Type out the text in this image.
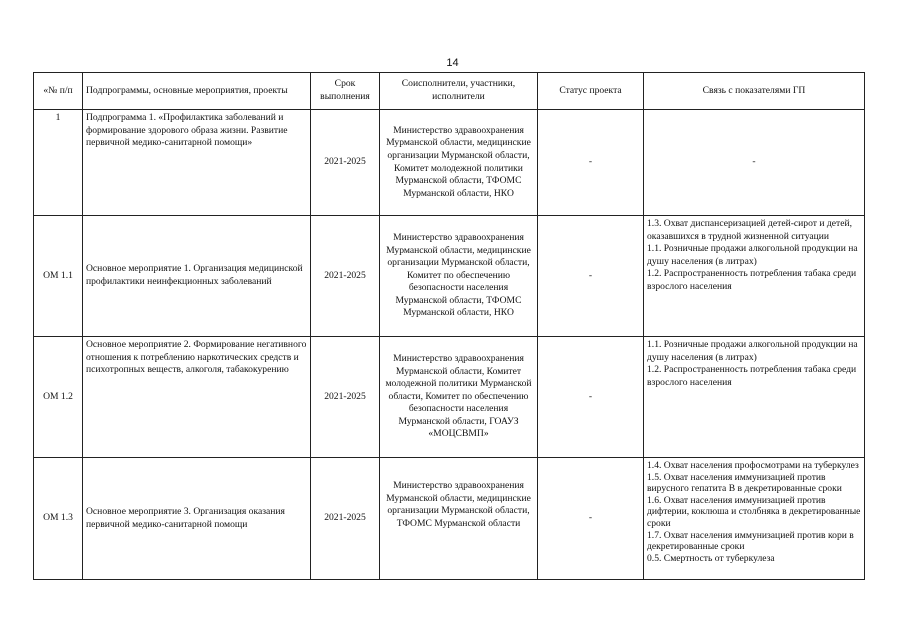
14
«№ п/п	Подпрограммы, основные мероприятия, проекты	Срок выполнения	Соисполнители, участники, исполнители	Статус проекта	Связь с показателями ГП
1	Подпрограмма 1. «Профилактика заболеваний и формирование здорового образа жизни. Развитие первичной медико-санитарной помощи»	2021-2025	Министерство здравоохранения Мурманской области, медицинские организации Мурманской области, Комитет молодежной политики Мурманской области, ТФОМС Мурманской области, НКО	-	-
ОМ 1.1	Основное мероприятие 1. Организация медицинской профилактики неинфекционных заболеваний	2021-2025	Министерство здравоохранения Мурманской области, медицинские организации Мурманской области, Комитет по обеспечению безопасности населения Мурманской области, ТФОМС Мурманской области, НКО	-	1.3. Охват диспансеризацией детей-сирот и детей, оказавшихся в трудной жизненной ситуации
1.1. Розничные продажи алкогольной продукции на душу населения (в литрах)
1.2. Распространенность потребления табака среди взрослого населения

ОМ 1.2	Основное мероприятие 2. Формирование негативного отношения к потреблению наркотических средств и психотропных веществ, алкоголя, табакокурению	2021-2025	Министерство здравоохранения Мурманской области, Комитет молодежной политики Мурманской области, Комитет по обеспечению безопасности населения Мурманской области, ГОАУЗ «МОЦСВМП»	-	1.1. Розничные продажи алкогольной продукции на душу населения (в литрах)
1.2. Распространенность потребления табака среди взрослого населения

ОМ 1.3	Основное мероприятие 3. Организация оказания первичной медико-санитарной помощи	2021-2025	Министерство здравоохранения Мурманской области, медицинские организации Мурманской области, ТФОМС Мурманской области	-	1.4. Охват населения профосмотрами на туберкулез
1.5. Охват населения иммунизацией против вирусного гепатита В в декретированные сроки
1.6. Охват населения иммунизацией против дифтерии, коклюша и столбняка в декретированные сроки
1.7. Охват населения иммунизацией против кори в декретированные сроки
0.5. Смертность от туберкулеза
